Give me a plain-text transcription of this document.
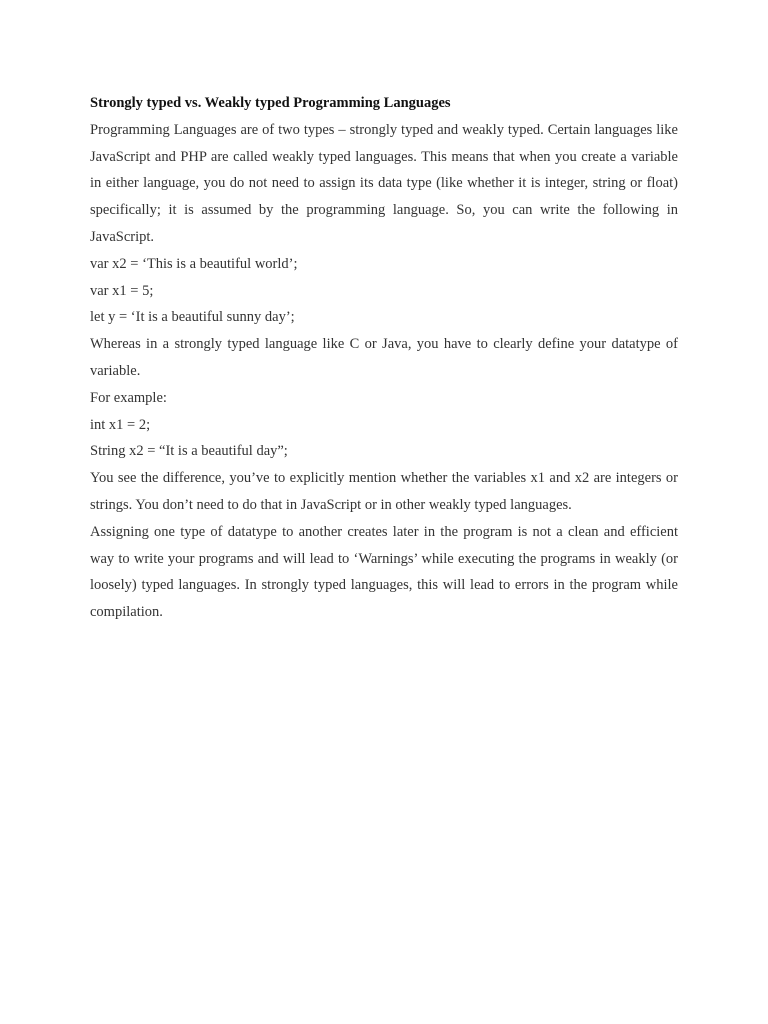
Strongly typed vs. Weakly typed Programming Languages

Programming Languages are of two types – strongly typed and weakly typed. Certain languages like JavaScript and PHP are called weakly typed languages. This means that when you create a variable in either language, you do not need to assign its data type (like whether it is integer, string or float) specifically; it is assumed by the programming language. So, you can write the following in JavaScript.

var x2 = ‘This is a beautiful world’;

var x1 = 5;

let y = ‘It is a beautiful sunny day’;

Whereas in a strongly typed language like C or Java, you have to clearly define your datatype of variable.

For example:

int x1 = 2;

String x2 = “It is a beautiful day”;

You see the difference, you’ve to explicitly mention whether the variables x1 and x2 are integers or strings. You don’t need to do that in JavaScript or in other weakly typed languages.

Assigning one type of datatype to another creates later in the program is not a clean and efficient way to write your programs and will lead to ‘Warnings’ while executing the programs in weakly (or loosely) typed languages. In strongly typed languages, this will lead to errors in the program while compilation.
